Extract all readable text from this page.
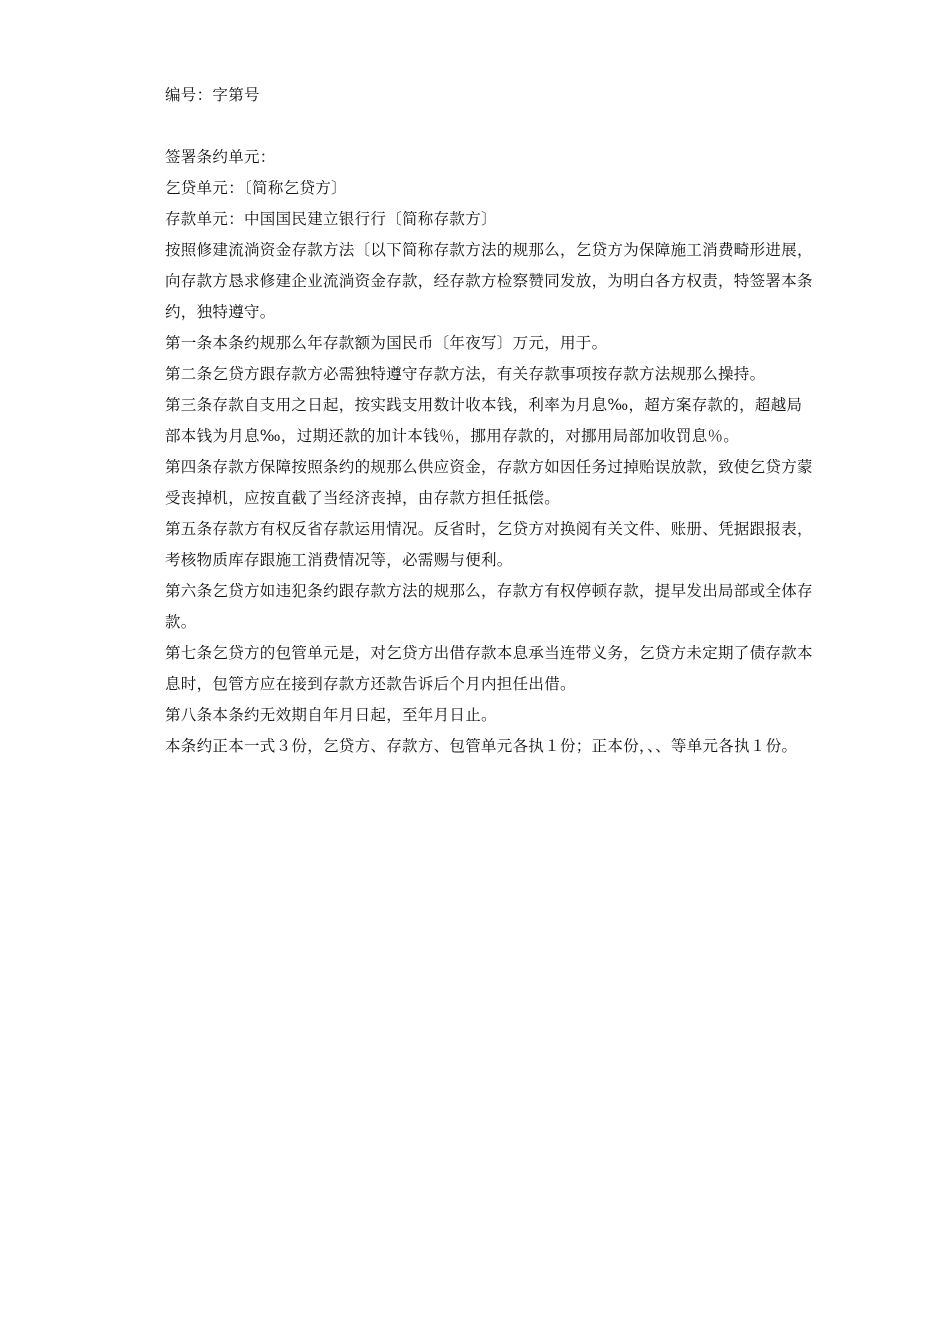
编号：字第号

签署条约单元：

乞贷单元：〔简称乞贷方〕

存款单元：中国国民建立银行行〔简称存款方〕

按照修建流淌资金存款方法〔以下简称存款方法的规那么，乞贷方为保障施工消费畸形进展，向存款方恳求修建企业流淌资金存款，经存款方检察赞同发放，为明白各方权责，特签署本条约，独特遵守。

第一条本条约规那么年存款额为国民币〔年夜写〕万元，用于。

第二条乞贷方跟存款方必需独特遵守存款方法，有关存款事项按存款方法规那么操持。

第三条存款自支用之日起，按实践支用数计收本钱，利率为月息‰，超方案存款的，超越局部本钱为月息‰，过期还款的加计本钱％，挪用存款的，对挪用局部加收罚息％。

第四条存款方保障按照条约的规那么供应资金，存款方如因任务过掉贻误放款，致使乞贷方蒙受丧掉机，应按直截了当经济丧掉，由存款方担任抵偿。

第五条存款方有权反省存款运用情况。反省时，乞贷方对换阅有关文件、账册、凭据跟报表，考核物质库存跟施工消费情况等，必需赐与便利。

第六条乞贷方如违犯条约跟存款方法的规那么，存款方有权停顿存款，提早发出局部或全体存款。

第七条乞贷方的包管单元是，对乞贷方出借存款本息承当连带义务，乞贷方未定期了债存款本息时，包管方应在接到存款方还款告诉后个月内担任出借。

第八条本条约无效期自年月日起，至年月日止。

本条约正本一式３份，乞贷方、存款方、包管单元各执１份；正本份，、、等单元各执１份。
